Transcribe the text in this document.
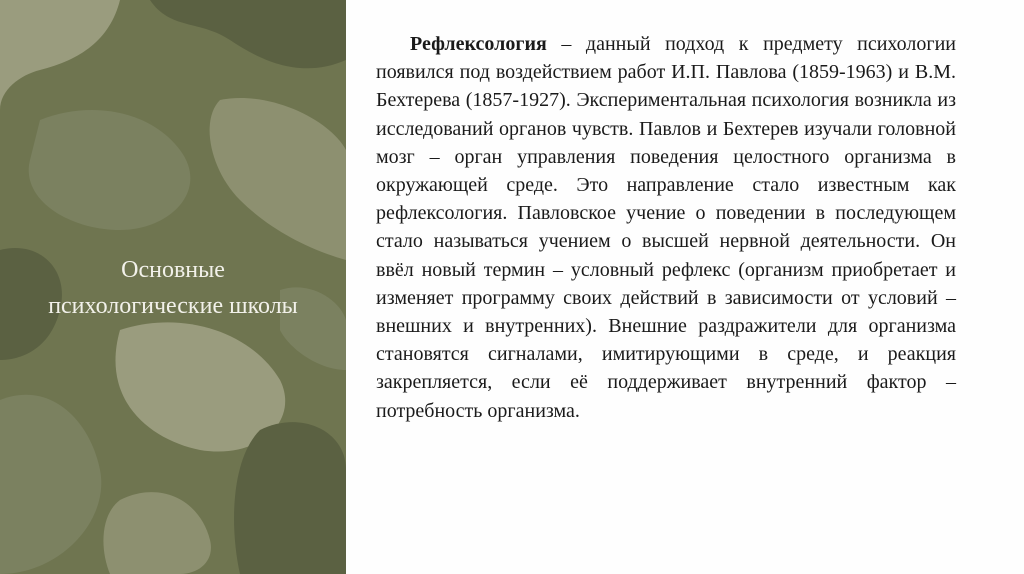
Основные
психологические школы

Рефлексология – данный подход к предмету психологии появился под воздействием работ И.П. Павлова (1859-1963) и В.М. Бехтерева (1857-1927). Экспериментальная психология возникла из исследований органов чувств. Павлов и Бехтерев изучали головной мозг – орган управления поведения целостного организма в окружающей среде. Это направление стало известным как рефлексология. Павловское учение о поведении в последующем стало называться учением о высшей нервной деятельности. Он ввёл новый термин – условный рефлекс (организм приобретает и изменяет программу своих действий в зависимости от условий – внешних и внутренних). Внешние раздражители для организма становятся сигналами, имитирующими в среде, и реакция закрепляется, если её поддерживает внутренний фактор – потребность организма.
